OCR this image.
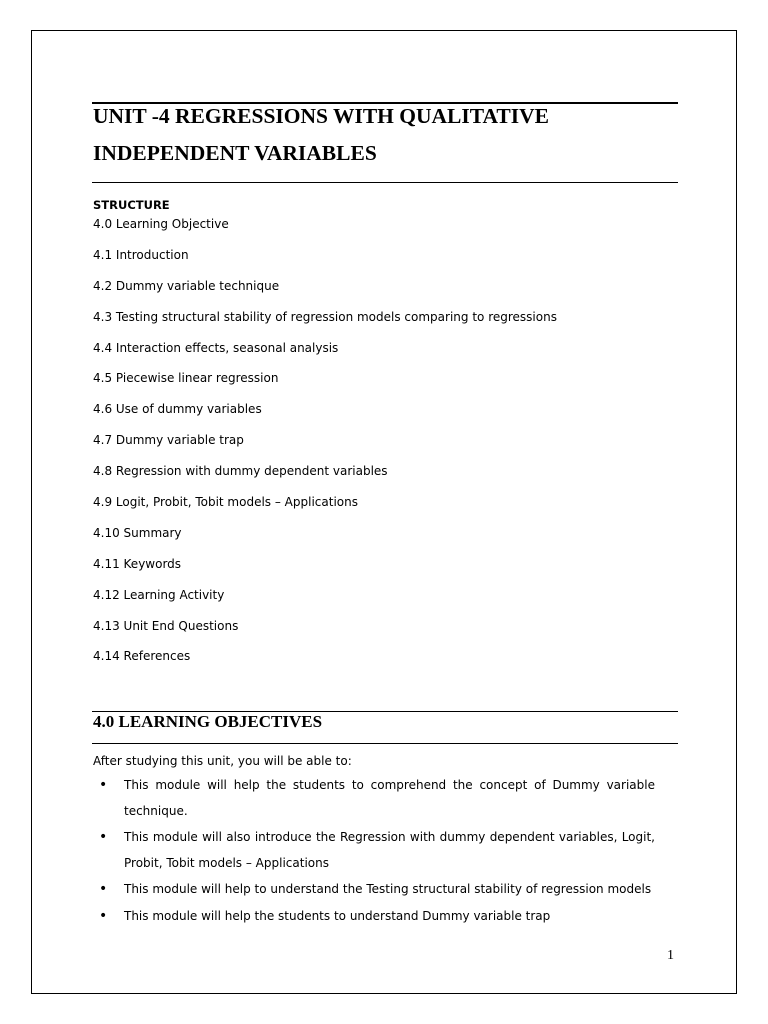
UNIT -4 REGRESSIONS WITH QUALITATIVE
INDEPENDENT VARIABLES
STRUCTURE
4.0 Learning Objective
4.1 Introduction
4.2 Dummy variable technique
4.3 Testing structural stability of regression models comparing to regressions
4.4 Interaction effects, seasonal analysis
4.5 Piecewise linear regression
4.6 Use of dummy variables
4.7 Dummy variable trap
4.8 Regression with dummy dependent variables
4.9 Logit, Probit, Tobit models – Applications
4.10 Summary
4.11 Keywords
4.12 Learning Activity
4.13 Unit End Questions
4.14 References
4.0 LEARNING OBJECTIVES

After studying this unit, you will be able to:

• This module will help the students to comprehend the concept of Dummy variable technique.
• This module will also introduce the Regression with dummy dependent variables, Logit, Probit, Tobit models – Applications
• This module will help to understand the Testing structural stability of regression models
• This module will help the students to understand Dummy variable trap
1
